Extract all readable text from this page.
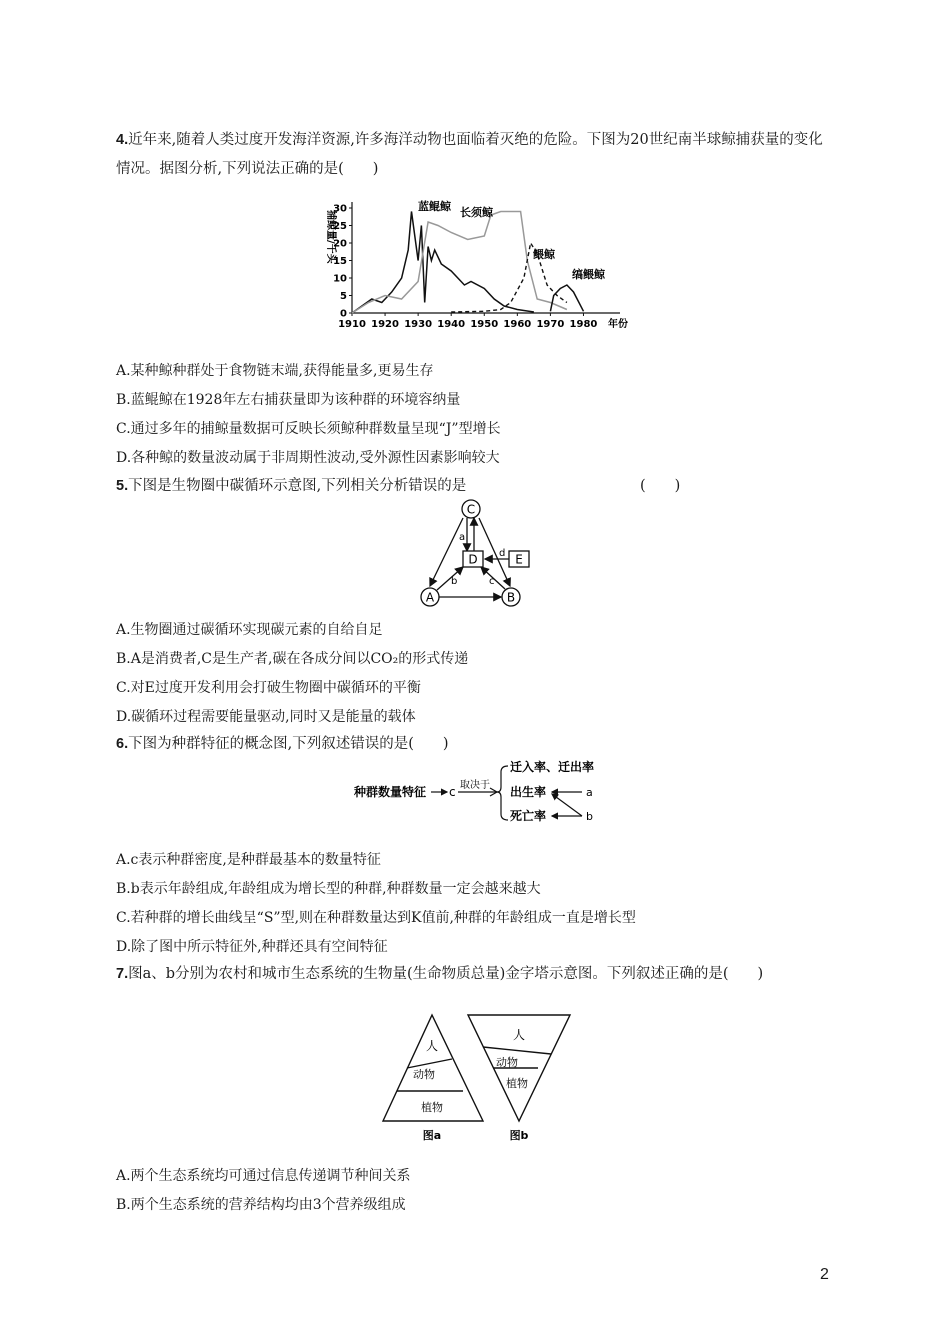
4.近年来,随着人类过度开发海洋资源,许多海洋动物也面临着灭绝的危险。下图为20世纪南半球鲸捕获量的变化情况。据图分析,下列说法正确的是(　　)
1910 1920 1930 1940 1950 1960 1970 1980 年份
0
5
10
15
20
25
30
捕鲸量/千头
蓝鲲鲸 长须鲸
鳂鲸
缟鳂鲸
A.某种鲸种群处于食物链末端,获得能量多,更易生存
B.蓝鲲鲸在1928年左右捕获量即为该种群的环境容纳量
C.通过多年的捕鲸量数据可反映长须鲸种群数量呈现“J”型增长
D.各种鲸的数量波动属于非周期性波动,受外源性因素影响较大
5.下图是生物圈中碳循环示意图,下列相关分析错误的是	(　　)
C
D	E
A	B
a
b	c
d
A.生物圈通过碳循环实现碳元素的自给自足
B.A是消费者,C是生产者,碳在各成分间以CO₂的形式传递
C.对E过度开发利用会打破生物圈中碳循环的平衡
D.碳循环过程需要能量驱动,同时又是能量的载体
6.下图为种群特征的概念图,下列叙述错误的是(　　)
种群数量特征 c 取决于
迁入率、迁出率
出生率
死亡率
a
b
A.c表示种群密度,是种群最基本的数量特征
B.b表示年龄组成,年龄组成为增长型的种群,种群数量一定会越来越大
C.若种群的增长曲线呈“S”型,则在种群数量达到K值前,种群的年龄组成一直是增长型
D.除了图中所示特征外,种群还具有空间特征
7.图a、b分别为农村和城市生态系统的生物量(生命物质总量)金字塔示意图。下列叙述正确的是(　　)
人
动物
植物
图a
人
动物
植物
图b
A.两个生态系统均可通过信息传递调节种间关系
B.两个生态系统的营养结构均由3个营养级组成
2
